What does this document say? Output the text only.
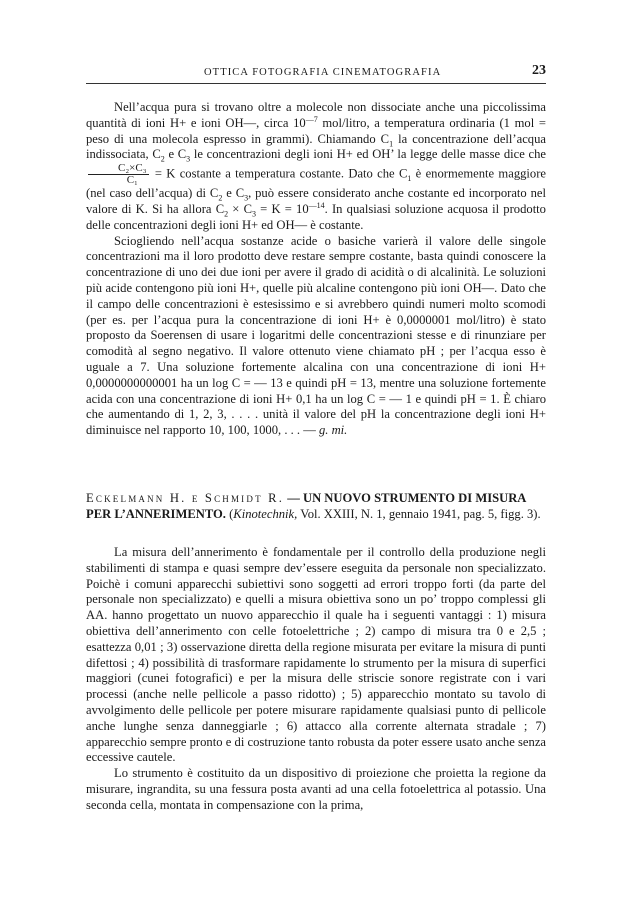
OTTICA FOTOGRAFIA CINEMATOGRAFIA	23

Nell’acqua pura si trovano oltre a molecole non dissociate anche una piccolissima quantità di ioni H+ e ioni OH—, circa $10^{—7}$ mol/litro, a temperatura ordinaria (1 mol = peso di una molecola espresso in grammi). Chiamando $C_1$ la concentrazione dell’acqua indissociata, $C_2$ e $C_3$ le concentrazioni degli ioni H+ ed OH’ la legge delle masse dice che
$\frac{\text{C₂×C₃}}{\text{C₁}} = K$ costante a temperatura costante. Dato che $C_1$ è enormemente maggiore (nel caso dell’acqua) di $C_2$ e $C_3$, può essere considerato anche costante ed incorporato nel valore di K. Si ha allora $C_2 \times C_3 = K = 10^{—14}$. In qualsiasi soluzione acquosa il prodotto delle concentrazioni degli ioni H+ ed OH— è costante.

Sciogliendo nell’acqua sostanze acide o basiche varierà il valore delle singole concentrazioni ma il loro prodotto deve restare sempre costante, basta quindi conoscere la concentrazione di uno dei due ioni per avere il grado di acidità o di alcalinità. Le soluzioni più acide contengono più ioni H+, quelle più alcaline contengono più ioni OH—. Dato che il campo delle concentrazioni è estesissimo e si avrebbero quindi numeri molto scomodi (per es. per l’acqua pura la concentrazione di ioni H+ è 0,0000001 mol/litro) è stato proposto da Soerensen di usare i logaritmi delle concentrazioni stesse e di rinunziare per comodità al segno negativo. Il valore ottenuto viene chiamato pH ; per l’acqua esso è uguale a 7. Una soluzione fortemente alcalina con una concentrazione di ioni H+ 0,0000000000001 ha un log C = — 13 e quindi pH = 13, mentre una soluzione fortemente acida con una concentrazione di ioni H+ 0,1 ha un log C = — 1 e quindi pH = 1. È chiaro che aumentando di 1, 2, 3, . . . . unità il valore del pH la concentrazione degli ioni H+ diminuisce nel rapporto 10, 100, 1000, . . . — g. mi.

Eckelmann H. e Schmidt R. — UN NUOVO STRUMENTO DI MISURA PER L’ANNERIMENTO. (Kinotechnik, Vol. XXIII, N. 1, gennaio 1941, pag. 5, figg. 3).

La misura dell’annerimento è fondamentale per il controllo della produzione negli stabilimenti di stampa e quasi sempre dev’essere eseguita da personale non specializzato. Poichè i comuni apparecchi subiettivi sono soggetti ad errori troppo forti (da parte del personale non specializzato) e quelli a misura obiettiva sono un po’ troppo complessi gli AA. hanno progettato un nuovo apparecchio il quale ha i seguenti vantaggi : 1) misura obiettiva dell’annerimento con celle fotoelettriche ; 2) campo di misura tra 0 e 2,5 ; esattezza 0,01 ; 3) osservazione diretta della regione misurata per evitare la misura di punti difettosi ; 4) possibilità di trasformare rapidamente lo strumento per la misura di superfici maggiori (cunei fotografici) e per la misura delle striscie sonore registrate con i vari processi (anche nelle pellicole a passo ridotto) ; 5) apparecchio montato su tavolo di avvolgimento delle pellicole per potere misurare rapidamente qualsiasi punto di pellicole anche lunghe senza danneggiarle ; 6) attacco alla corrente alternata stradale ; 7) apparecchio sempre pronto e di costruzione tanto robusta da poter essere usato anche senza eccessive cautele.

Lo strumento è costituito da un dispositivo di proiezione che proietta la regione da misurare, ingrandita, su una fessura posta avanti ad una cella fotoelettrica al potassio. Una seconda cella, montata in compensazione con la prima,
